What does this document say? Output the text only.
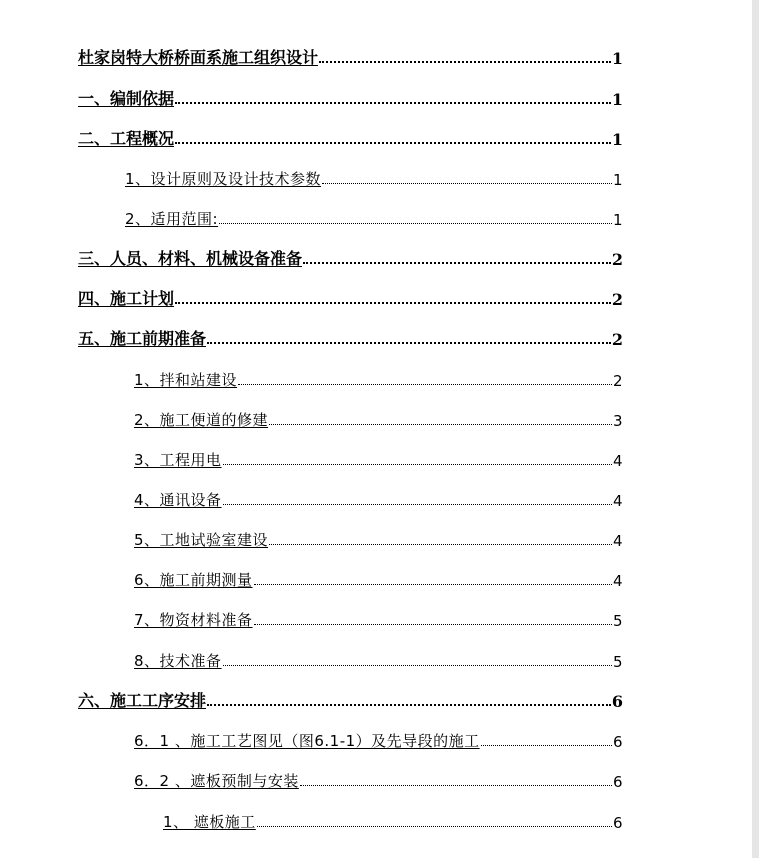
杜家岗特大桥桥面系施工组织设计	1
一、编制依据	1
二、工程概况	1
1、设计原则及设计技术参数	1
2、适用范围:	1
三、人员、材料、机械设备准备	2
四、施工计划	2
五、施工前期准备	2
1、拌和站建设	2
2、施工便道的修建	3
3、工程用电	4
4、通讯设备	4
5、工地试验室建设	4
6、施工前期测量	4
7、物资材料准备	5
8、技术准备	5
六、施工工序安排	6
6．1 、施工工艺图见（图6.1-1）及先导段的施工	6
6．2 、遮板预制与安装	6
1、 遮板施工	6
